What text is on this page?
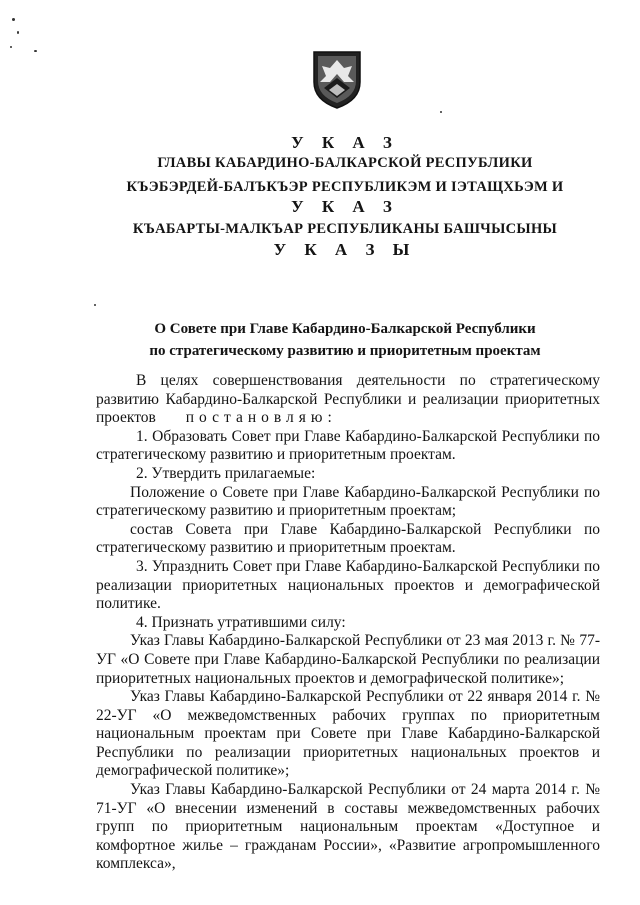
У К А З
ГЛАВЫ КАБАРДИНО-БАЛКАРСКОЙ РЕСПУБЛИКИ
КЪЭБЭРДЕЙ-БАЛЪКЪЭР РЕСПУБЛИКЭМ И IЭТАЩХЬЭМ И
У К А З
КЪАБАРТЫ-МАЛКЪАР РЕСПУБЛИКАНЫ БАШЧЫСЫНЫ
У К А З Ы
О Совете при Главе Кабардино-Балкарской Республики
по стратегическому развитию и приоритетным проектам

В целях совершенствования деятельности по стратегическому развитию Кабардино-Балкарской Республики и реализации приоритетных проектов постановляю:

1. Образовать Совет при Главе Кабардино-Балкарской Республики по стратегическому развитию и приоритетным проектам.

2. Утвердить прилагаемые:

Положение о Совете при Главе Кабардино-Балкарской Республики по стратегическому развитию и приоритетным проектам;

состав Совета при Главе Кабардино-Балкарской Республики по стратегическому развитию и приоритетным проектам.

3. Упразднить Совет при Главе Кабардино-Балкарской Республики по реализации приоритетных национальных проектов и демографической политике.

4. Признать утратившими силу:

Указ Главы Кабардино-Балкарской Республики от 23 мая 2013 г. № 77-УГ «О Совете при Главе Кабардино-Балкарской Республики по реализации приоритетных национальных проектов и демографической политике»;

Указ Главы Кабардино-Балкарской Республики от 22 января 2014 г. № 22-УГ «О межведомственных рабочих группах по приоритетным национальным проектам при Совете при Главе Кабардино-Балкарской Республики по реализации приоритетных национальных проектов и демографической политике»;

Указ Главы Кабардино-Балкарской Республики от 24 марта 2014 г. № 71-УГ «О внесении изменений в составы межведомственных рабочих групп по приоритетным национальным проектам «Доступное и комфортное жилье – гражданам России», «Развитие агропромышленного комплекса»,
